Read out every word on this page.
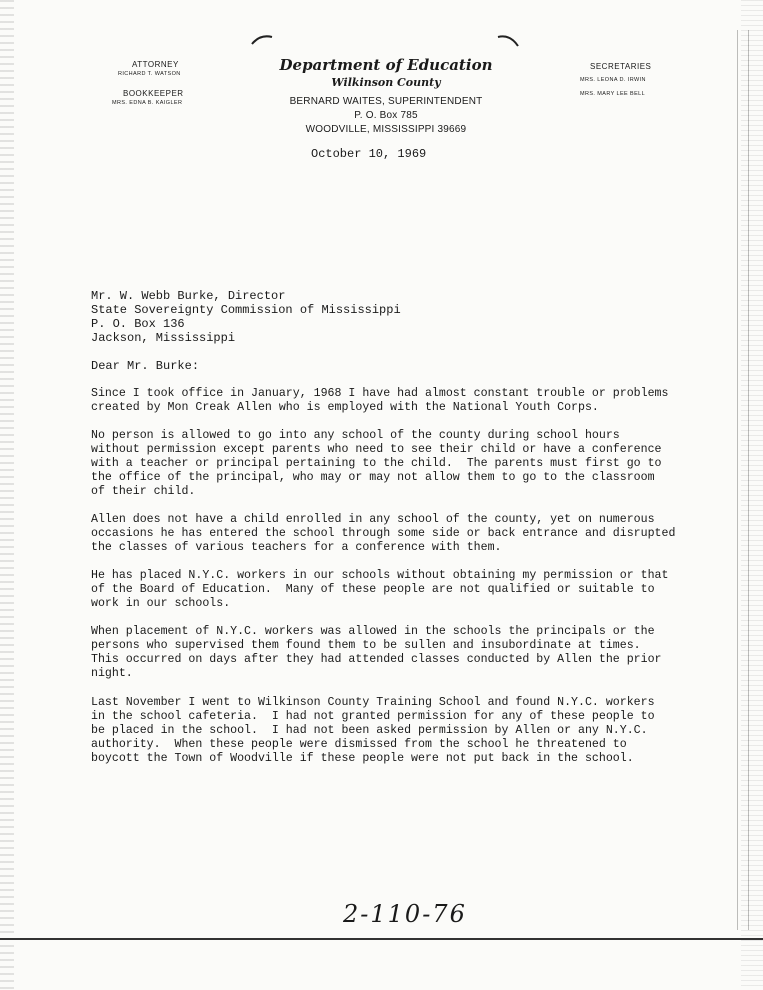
ATTORNEY
RICHARD T. WATSON
BOOKKEEPER
MRS. EDNA B. KAIGLER
Department of Education
Wilkinson County
BERNARD WAITES, SUPERINTENDENT
P. O. Box 785
WOODVILLE, MISSISSIPPI 39669
SECRETARIES
MRS. LEONA D. IRWIN
MRS. MARY LEE BELL
October 10, 1969
Mr. W. Webb Burke, Director
State Sovereignty Commission of Mississippi
P. O. Box 136
Jackson, Mississippi
Dear Mr. Burke:
Since I took office in January, 1968 I have had almost constant trouble or problems
created by Mon Creak Allen who is employed with the National Youth Corps.
No person is allowed to go into any school of the county during school hours
without permission except parents who need to see their child or have a conference
with a teacher or principal pertaining to the child.  The parents must first go to
the office of the principal, who may or may not allow them to go to the classroom
of their child.
Allen does not have a child enrolled in any school of the county, yet on numerous
occasions he has entered the school through some side or back entrance and disrupted
the classes of various teachers for a conference with them.
He has placed N.Y.C. workers in our schools without obtaining my permission or that
of the Board of Education.  Many of these people are not qualified or suitable to
work in our schools.
When placement of N.Y.C. workers was allowed in the schools the principals or the
persons who supervised them found them to be sullen and insubordinate at times.
This occurred on days after they had attended classes conducted by Allen the prior
night.
Last November I went to Wilkinson County Training School and found N.Y.C. workers
in the school cafeteria.  I had not granted permission for any of these people to
be placed in the school.  I had not been asked permission by Allen or any N.Y.C.
authority.  When these people were dismissed from the school he threatened to
boycott the Town of Woodville if these people were not put back in the school.
2-110-76
